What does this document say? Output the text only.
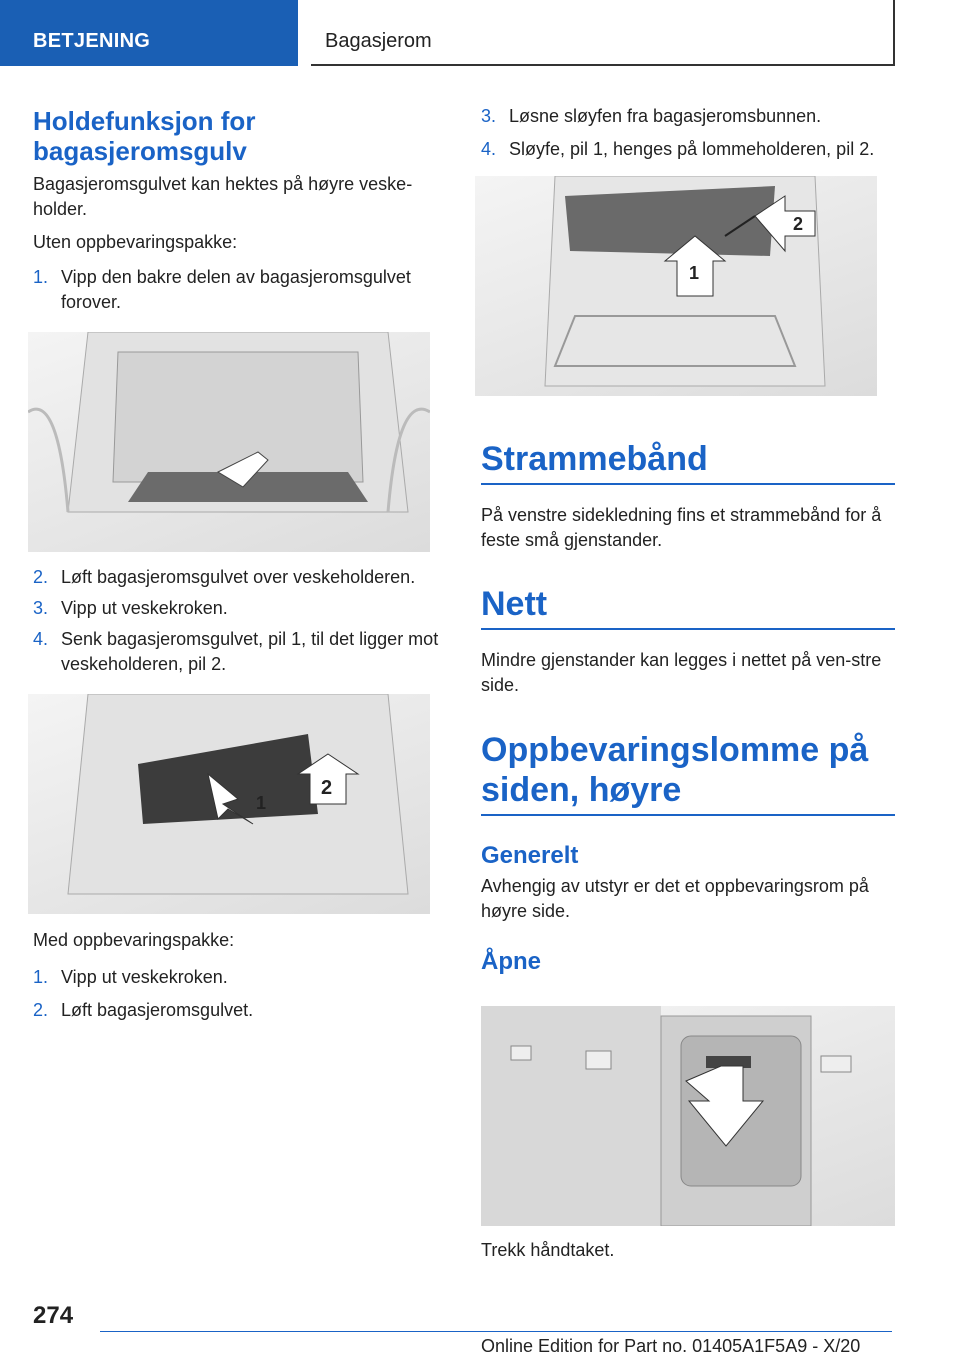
BETJENING	Bagasjerom
Holdefunksjon for bagasjeromsgulv

Bagasjeromsgulvet kan hektes på høyre veske-holder.

Uten oppbevaringspakke:

1. Vipp den bakre delen av bagasjeromsgulvet forover.
2. Løft bagasjeromsgulvet over veskeholderen.
3. Vipp ut veskekroken.
4. Senk bagasjeromsgulvet, pil 1, til det ligger mot veskeholderen, pil 2.
1
2

Med oppbevaringspakke:

1. Vipp ut veskekroken.
2. Løft bagasjeromsgulvet.
3. Løsne sløyfen fra bagasjeromsbunnen.
4. Sløyfe, pil 1, henges på lommeholderen, pil 2.
1
2
Strammebånd

På venstre sidekledning fins et strammebånd for å feste små gjenstander.

Nett

Mindre gjenstander kan legges i nettet på ven-stre side.

Oppbevaringslomme på siden, høyre
Generelt

Avhengig av utstyr er det et oppbevaringsrom på høyre side.

Åpne

Trekk håndtaket.

274
Online Edition for Part no. 01405A1F5A9 - X/20
